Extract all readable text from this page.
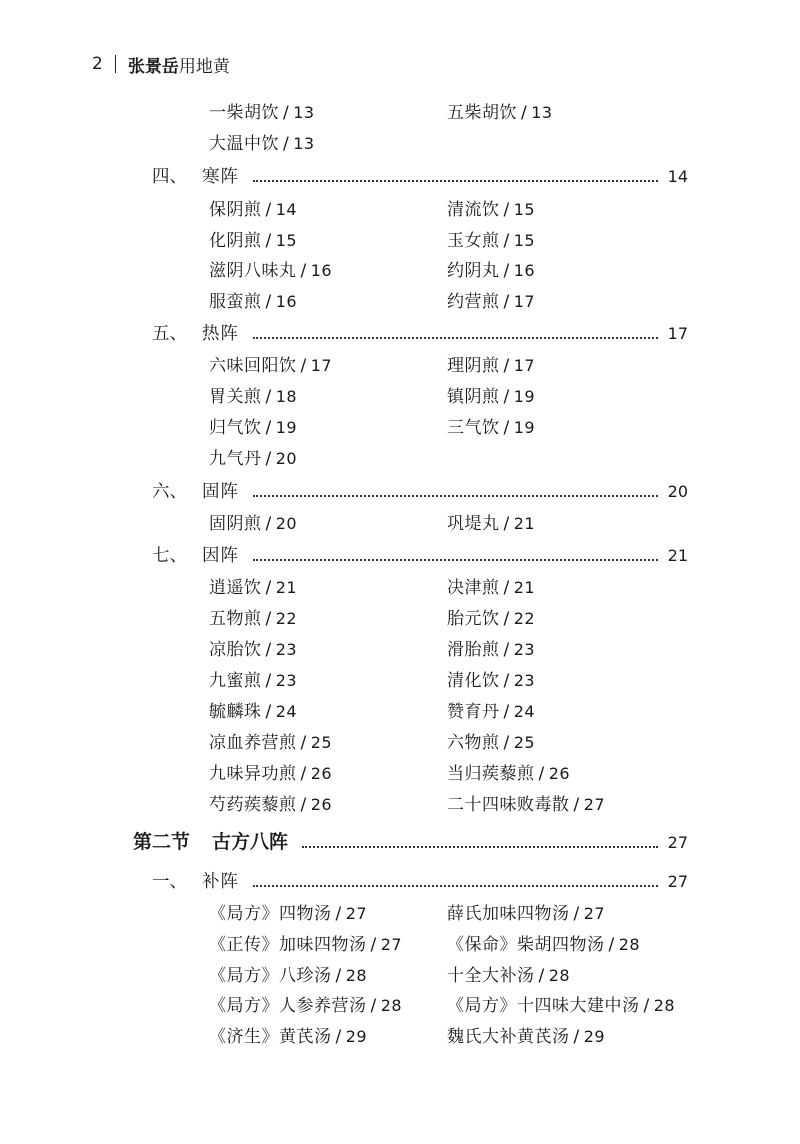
2 张景岳用地黄
一柴胡饮 / 13	五柴胡饮 / 13
大温中饮 / 13
四、 寒阵	14
保阴煎 / 14	清流饮 / 15
化阴煎 / 15	玉女煎 / 15
滋阴八味丸 / 16	约阴丸 / 16
服蛮煎 / 16	约营煎 / 17
五、 热阵	17
六味回阳饮 / 17	理阴煎 / 17
胃关煎 / 18	镇阴煎 / 19
归气饮 / 19	三气饮 / 19
九气丹 / 20
六、 固阵	20
固阴煎 / 20	巩堤丸 / 21
七、 因阵	21
逍遥饮 / 21	决津煎 / 21
五物煎 / 22	胎元饮 / 22
凉胎饮 / 23	滑胎煎 / 23
九蜜煎 / 23	清化饮 / 23
毓麟珠 / 24	赞育丹 / 24
凉血养营煎 / 25	六物煎 / 25
九味异功煎 / 26	当归蒺藜煎 / 26
芍药蒺藜煎 / 26	二十四味败毒散 / 27
第二节 古方八阵	27
一、 补阵	27
《局方》四物汤 / 27	薛氏加味四物汤 / 27
《正传》加味四物汤 / 27	《保命》柴胡四物汤 / 28
《局方》八珍汤 / 28	十全大补汤 / 28
《局方》人参养营汤 / 28	《局方》十四味大建中汤 / 28
《济生》黄芪汤 / 29	魏氏大补黄芪汤 / 29
